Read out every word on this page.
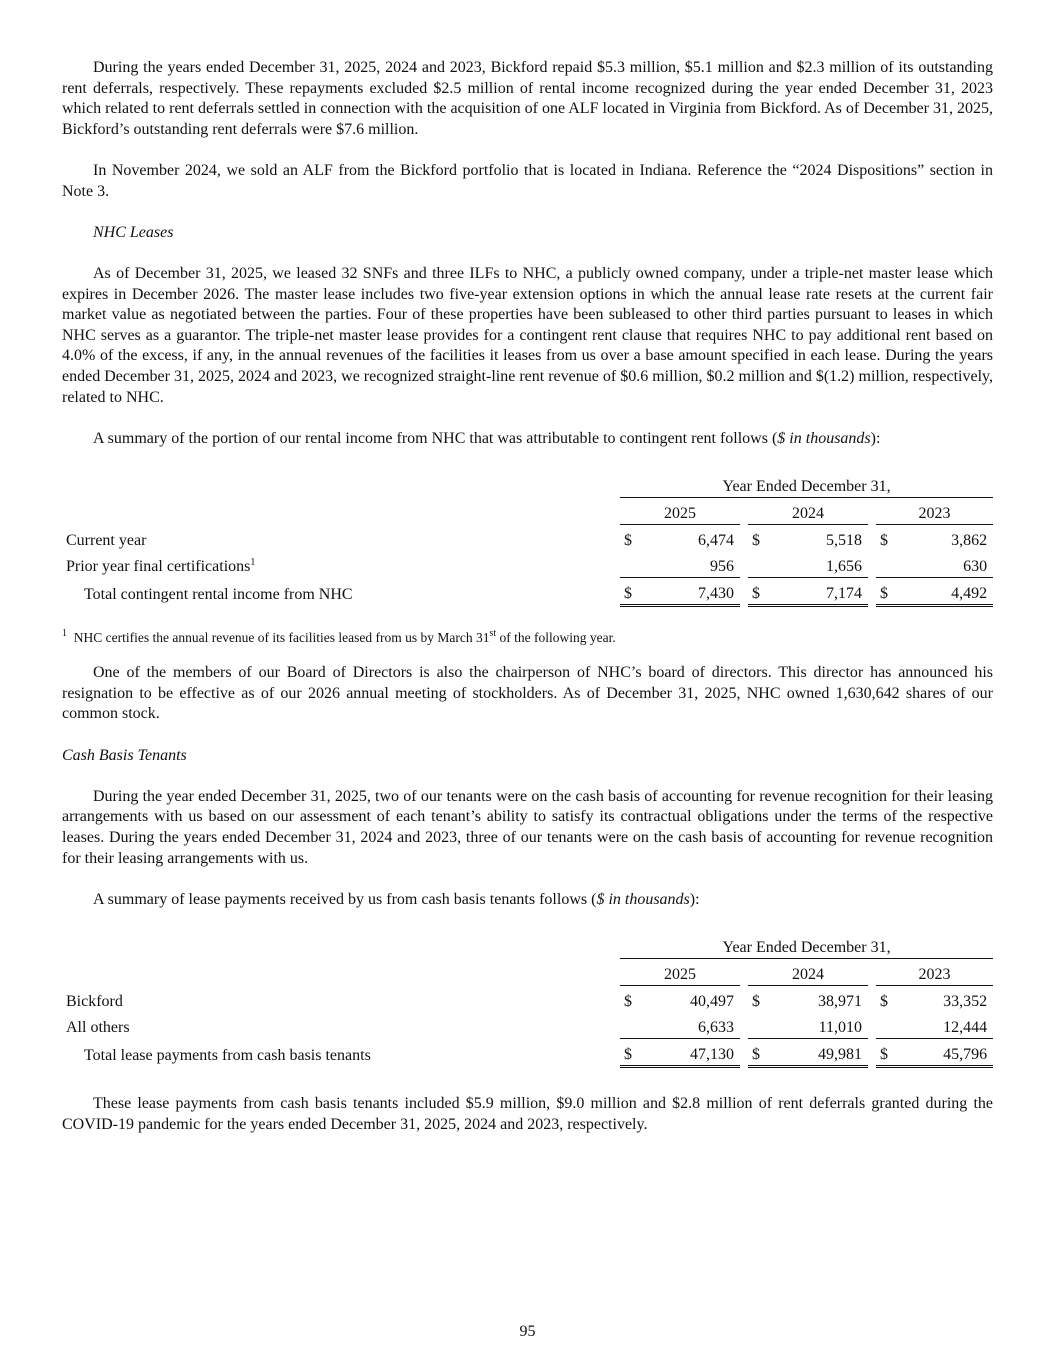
During the years ended December 31, 2025, 2024 and 2023, Bickford repaid $5.3 million, $5.1 million and $2.3 million of its outstanding rent deferrals, respectively. These repayments excluded $2.5 million of rental income recognized during the year ended December 31, 2023 which related to rent deferrals settled in connection with the acquisition of one ALF located in Virginia from Bickford. As of December 31, 2025, Bickford’s outstanding rent deferrals were $7.6 million.

In November 2024, we sold an ALF from the Bickford portfolio that is located in Indiana. Reference the “2024 Dispositions” section in Note 3.

NHC Leases

As of December 31, 2025, we leased 32 SNFs and three ILFs to NHC, a publicly owned company, under a triple-net master lease which expires in December 2026. The master lease includes two five-year extension options in which the annual lease rate resets at the current fair market value as negotiated between the parties. Four of these properties have been subleased to other third parties pursuant to leases in which NHC serves as a guarantor. The triple-net master lease provides for a contingent rent clause that requires NHC to pay additional rent based on 4.0% of the excess, if any, in the annual revenues of the facilities it leases from us over a base amount specified in each lease. During the years ended December 31, 2025, 2024 and 2023, we recognized straight-line rent revenue of $0.6 million, $0.2 million and $(1.2) million, respectively, related to NHC.

A summary of the portion of our rental income from NHC that was attributable to contingent rent follows ($ in thousands):

	Year Ended December 31,							
	2025			2024			2023	
Current year	$	6,474		$	5,518		$	3,862
Prior year final certifications$^1$		956			1,656			630
Total contingent rental income from NHC	$	7,430		$	7,174		$	4,492

$^1$ NHC certifies the annual revenue of its facilities leased from us by March 31st of the following year.

One of the members of our Board of Directors is also the chairperson of NHC’s board of directors. This director has announced his resignation to be effective as of our 2026 annual meeting of stockholders. As of December 31, 2025, NHC owned 1,630,642 shares of our common stock.

Cash Basis Tenants

During the year ended December 31, 2025, two of our tenants were on the cash basis of accounting for revenue recognition for their leasing arrangements with us based on our assessment of each tenant’s ability to satisfy its contractual obligations under the terms of the respective leases. During the years ended December 31, 2024 and 2023, three of our tenants were on the cash basis of accounting for revenue recognition for their leasing arrangements with us.

A summary of lease payments received by us from cash basis tenants follows ($ in thousands):

	Year Ended December 31,							
	2025			2024			2023	
Bickford	$	40,497		$	38,971		$	33,352
All others		6,633			11,010			12,444
Total lease payments from cash basis tenants	$	47,130		$	49,981		$	45,796

These lease payments from cash basis tenants included $5.9 million, $9.0 million and $2.8 million of rent deferrals granted during the COVID-19 pandemic for the years ended December 31, 2025, 2024 and 2023, respectively.

95
